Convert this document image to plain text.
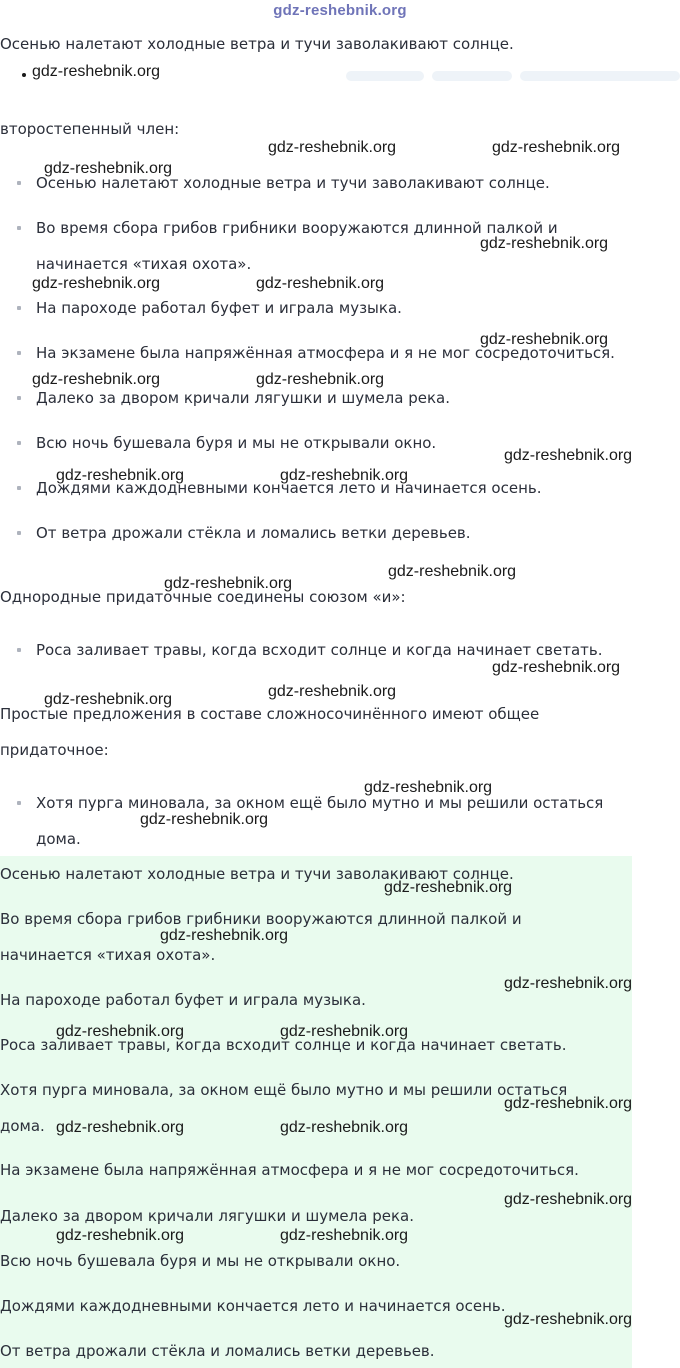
gdz-reshebnik.org
Осенью налетают холодные ветра и тучи заволакивают солнце.
второстепенный член:
Осенью налетают холодные ветра и тучи заволакивают солнце.
Во время сбора грибов грибники вооружаются длинной палкой и
начинается «тихая охота».
На пароходе работал буфет и играла музыка.
На экзамене была напряжённая атмосфера и я не мог сосредоточиться.
Далеко за двором кричали лягушки и шумела река.
Всю ночь бушевала буря и мы не открывали окно.
Дождями каждодневными кончается лето и начинается осень.
От ветра дрожали стёкла и ломались ветки деревьев.
Однородные придаточные соединены союзом «и»:
Роса заливает травы, когда всходит солнце и когда начинает светать.
Простые предложения в составе сложносочинённого имеют общее
придаточное:
Хотя пурга миновала, за окном ещё было мутно и мы решили остаться
дома.
Осенью налетают холодные ветра и тучи заволакивают солнце.
Во время сбора грибов грибники вооружаются длинной палкой и
начинается «тихая охота».
На пароходе работал буфет и играла музыка.
Роса заливает травы, когда всходит солнце и когда начинает светать.
Хотя пурга миновала, за окном ещё было мутно и мы решили остаться
дома.
На экзамене была напряжённая атмосфера и я не мог сосредоточиться.
Далеко за двором кричали лягушки и шумела река.
Всю ночь бушевала буря и мы не открывали окно.
Дождями каждодневными кончается лето и начинается осень.
От ветра дрожали стёкла и ломались ветки деревьев.
gdz-reshebnik.org
gdz-reshebnik.org	gdz-reshebnik.org
gdz-reshebnik.org
gdz-reshebnik.org
gdz-reshebnik.org	gdz-reshebnik.org
gdz-reshebnik.org
gdz-reshebnik.org	gdz-reshebnik.org
gdz-reshebnik.org
gdz-reshebnik.org	gdz-reshebnik.org
gdz-reshebnik.org
gdz-reshebnik.org
gdz-reshebnik.org
gdz-reshebnik.org
gdz-reshebnik.org
gdz-reshebnik.org
gdz-reshebnik.org
gdz-reshebnik.org
gdz-reshebnik.org
gdz-reshebnik.org
gdz-reshebnik.org	gdz-reshebnik.org
gdz-reshebnik.org
gdz-reshebnik.org	gdz-reshebnik.org
gdz-reshebnik.org
gdz-reshebnik.org	gdz-reshebnik.org
gdz-reshebnik.org
